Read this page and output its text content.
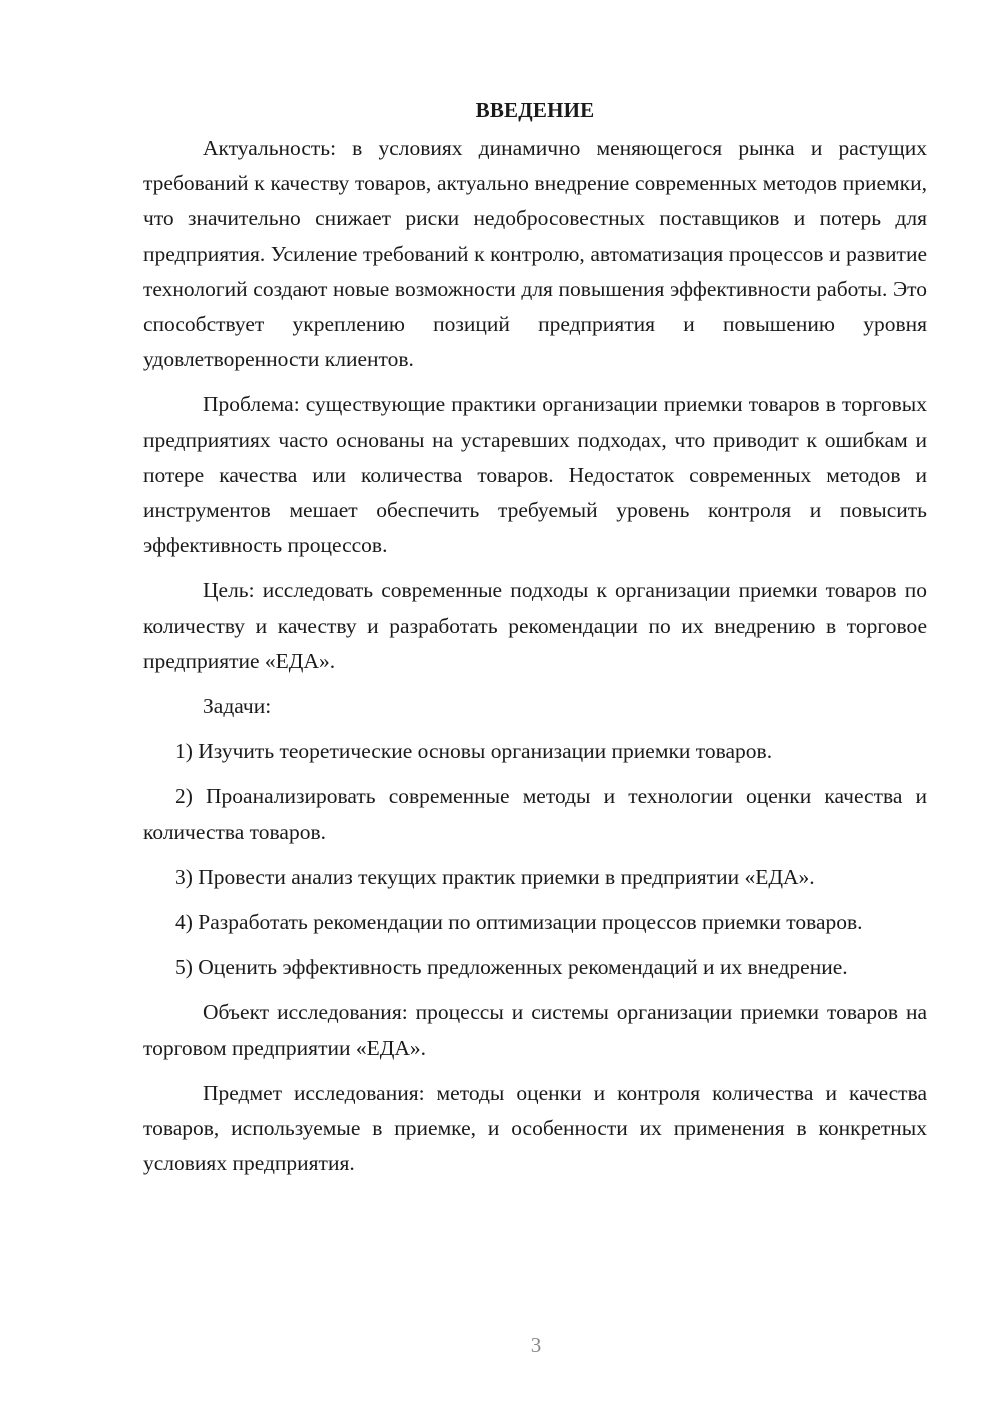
ВВЕДЕНИЕ

Актуальность: в условиях динамично меняющегося рынка и растущих требований к качеству товаров, актуально внедрение современных методов приемки, что значительно снижает риски недобросовестных поставщиков и потерь для предприятия. Усиление требований к контролю, автоматизация процессов и развитие технологий создают новые возможности для повышения эффективности работы. Это способствует укреплению позиций предприятия и повышению уровня удовлетворенности клиентов.

Проблема: существующие практики организации приемки товаров в торговых предприятиях часто основаны на устаревших подходах, что приводит к ошибкам и потере качества или количества товаров. Недостаток современных методов и инструментов мешает обеспечить требуемый уровень контроля и повысить эффективность процессов.

Цель: исследовать современные подходы к организации приемки товаров по количеству и качеству и разработать рекомендации по их внедрению в торговое предприятие «ЕДА».

Задачи:

1) Изучить теоретические основы организации приемки товаров.

2) Проанализировать современные методы и технологии оценки качества и количества товаров.

3) Провести анализ текущих практик приемки в предприятии «ЕДА».

4) Разработать рекомендации по оптимизации процессов приемки товаров.

5) Оценить эффективность предложенных рекомендаций и их внедрение.

Объект исследования: процессы и системы организации приемки товаров на торговом предприятии «ЕДА».

Предмет исследования: методы оценки и контроля количества и качества товаров, используемые в приемке, и особенности их применения в конкретных условиях предприятия.

3
